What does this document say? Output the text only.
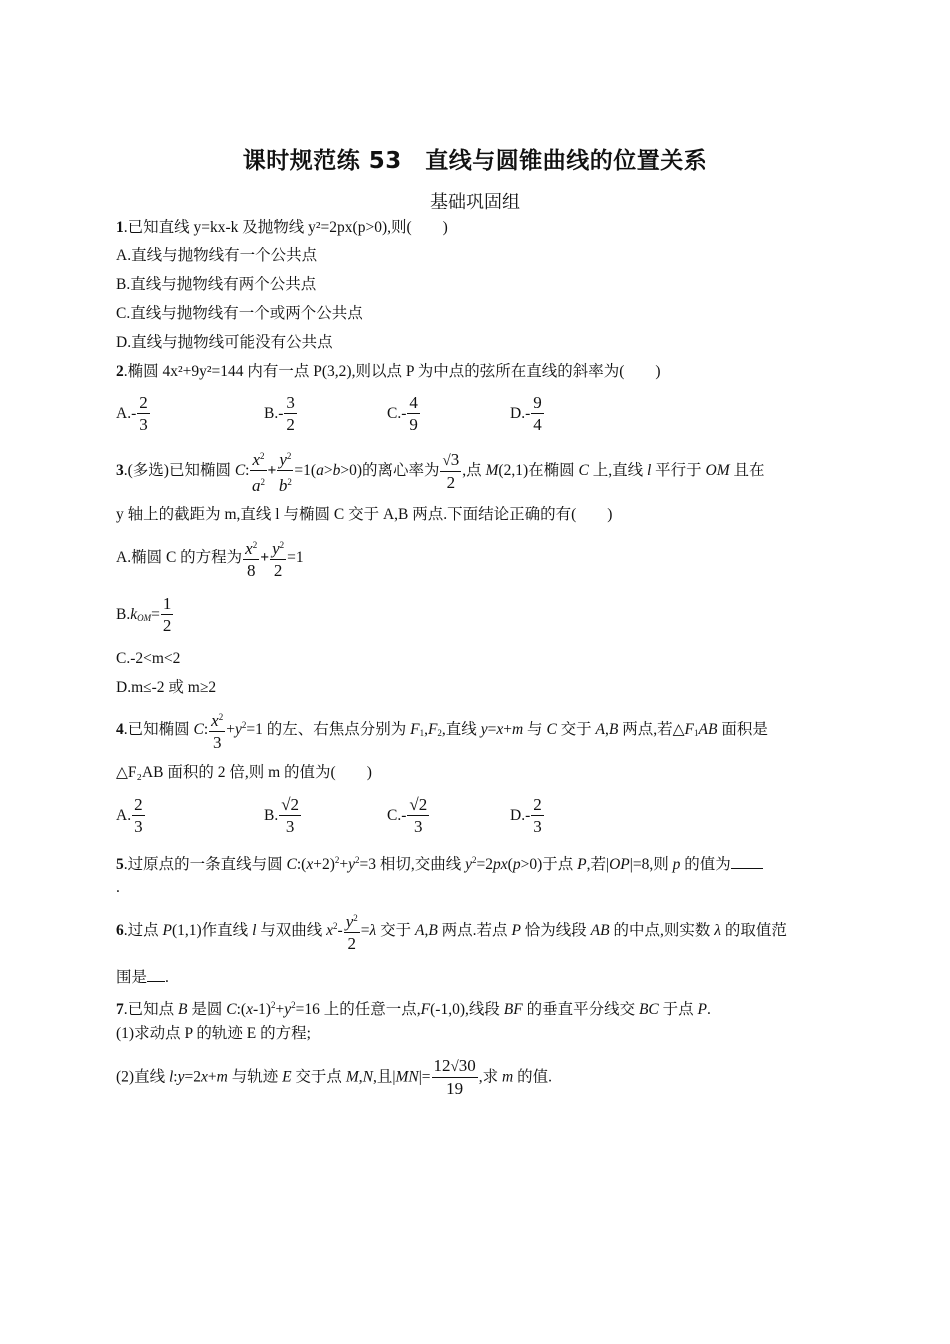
课时规范练 53　直线与圆锥曲线的位置关系
基础巩固组
1.已知直线 y=kx-k 及抛物线 y²=2px(p>0),则(　　)
A.直线与抛物线有一个公共点
B.直线与抛物线有两个公共点
C.直线与抛物线有一个或两个公共点
D.直线与抛物线可能没有公共点
2.椭圆 4x²+9y²=144 内有一点 P(3,2),则以点 P 为中点的弦所在直线的斜率为(　　)
$A.- \frac{2}{3}$	$B.- \frac{3}{2}$	$C.- \frac{4}{9}$	$D.- \frac{9}{4}$
3.(多选)已知椭圆 C: $\frac{x^2}{a^2} + \frac{y^2}{b^2} =1(a>b>0)$的离心率为 $\frac{√3}{2}$ ,点 M(2,1)在椭圆 C 上,直线 l 平行于 OM 且在
y 轴上的截距为 m,直线 l 与椭圆 C 交于 A,B 两点.下面结论正确的有(　　)
A.椭圆 C 的方程为 $\frac{x^2}{8} + \frac{y^2}{2} =1$
$B.k_{OM}= \frac{1}{2}$
C.-2<m<2
D.m≤-2 或 m≥2
4.已知椭圆 C: $\frac{x^2}{3} +y^2=1$ 的左、右焦点分别为 $F_1,F_2$,直线 y=x+m 与 C 交于 A,B 两点,若$\triangle F_1AB$ 面积是
△F₂AB 面积的 2 倍,则 m 的值为(　　)
A. $\frac{2}{3}$	B. $\frac{√2}{3}$	$C.- \frac{√2}{3}$	$D.- \frac{2}{3}$
5.过原点的一条直线与圆 $C:(x+2)^2+y^2=3$ 相切,交曲线 $y^2=2px(p>0)$于点 P,若|OP|=8,则 p 的值为
.
6.过点 P(1,1)作直线 l 与双曲线 $x^2- \frac{y^2}{2} =\lambda$ 交于 A,B 两点.若点 P 恰为线段 AB 的中点,则实数 λ 的取值范
围是 .
7.已知点 B 是圆 $C:(x-1)^2+y^2=16$ 上的任意一点,F(-1,0),线段 BF 的垂直平分线交 BC 于点 P.
(1)求动点 P 的轨迹 E 的方程;
(2)直线 l:y=2x+m 与轨迹 E 交于点 M,N,且$|MN|= \frac{12√30}{19}$ ,求 m 的值.
